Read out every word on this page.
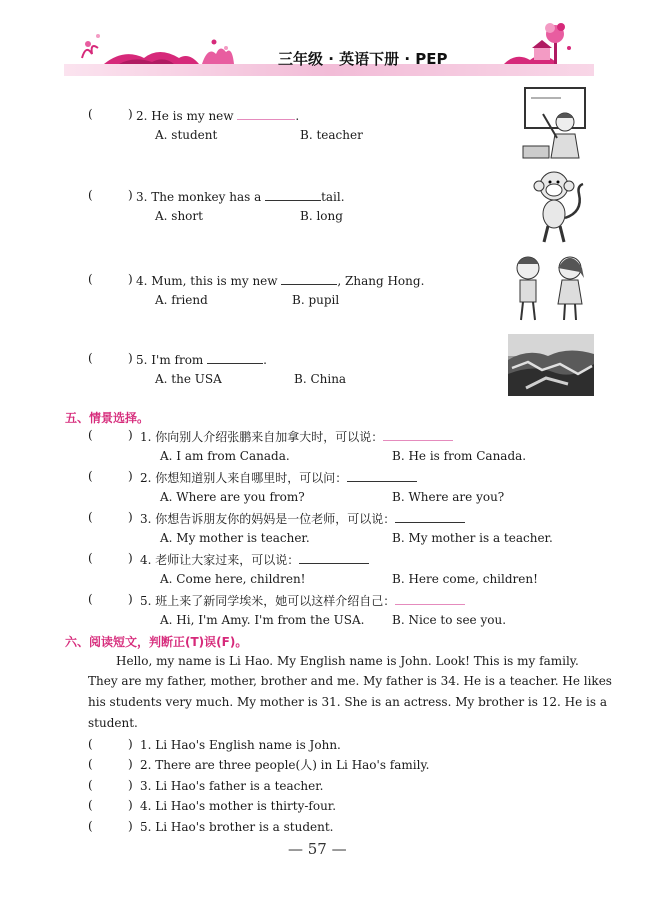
三年级 · 英语下册 · PEP
(	) 2. He is my new	.
A. student	B. teacher
(	) 3. The monkey has a	tail.
A. short	B. long
(	) 4. Mum, this is my new	, Zhang Hong.
A. friend	B. pupil
(	) 5. I'm from	.
A. the USA	B. China
五、情景选择。
(	) 1. 你向别人介绍张鹏来自加拿大时，可以说：
A. I am from Canada.	B. He is from Canada.
(	) 2. 你想知道别人来自哪里时，可以问：
A. Where are you from?	B. Where are you?
(	) 3. 你想告诉朋友你的妈妈是一位老师，可以说：
A. My mother is teacher.	B. My mother is a teacher.
(	) 4. 老师让大家过来，可以说：
A. Come here, children!	B. Here come, children!
(	) 5. 班上来了新同学埃米，她可以这样介绍自己：
A. Hi, I'm Amy. I'm from the USA. B. Nice to see you.
六、阅读短文，判断正(T)误(F)。
Hello, my name is Li Hao. My English name is John. Look! This is my family.
They are my father, mother, brother and me. My father is 34. He is a teacher. He likes
his students very much. My mother is 31. She is an actress. My brother is 12. He is a
student.
(	) 1. Li Hao's English name is John.
(	) 2. There are three people(人) in Li Hao's family.
(	) 3. Li Hao's father is a teacher.
(	) 4. Li Hao's mother is thirty-four.
(	) 5. Li Hao's brother is a student.
— 57 —
